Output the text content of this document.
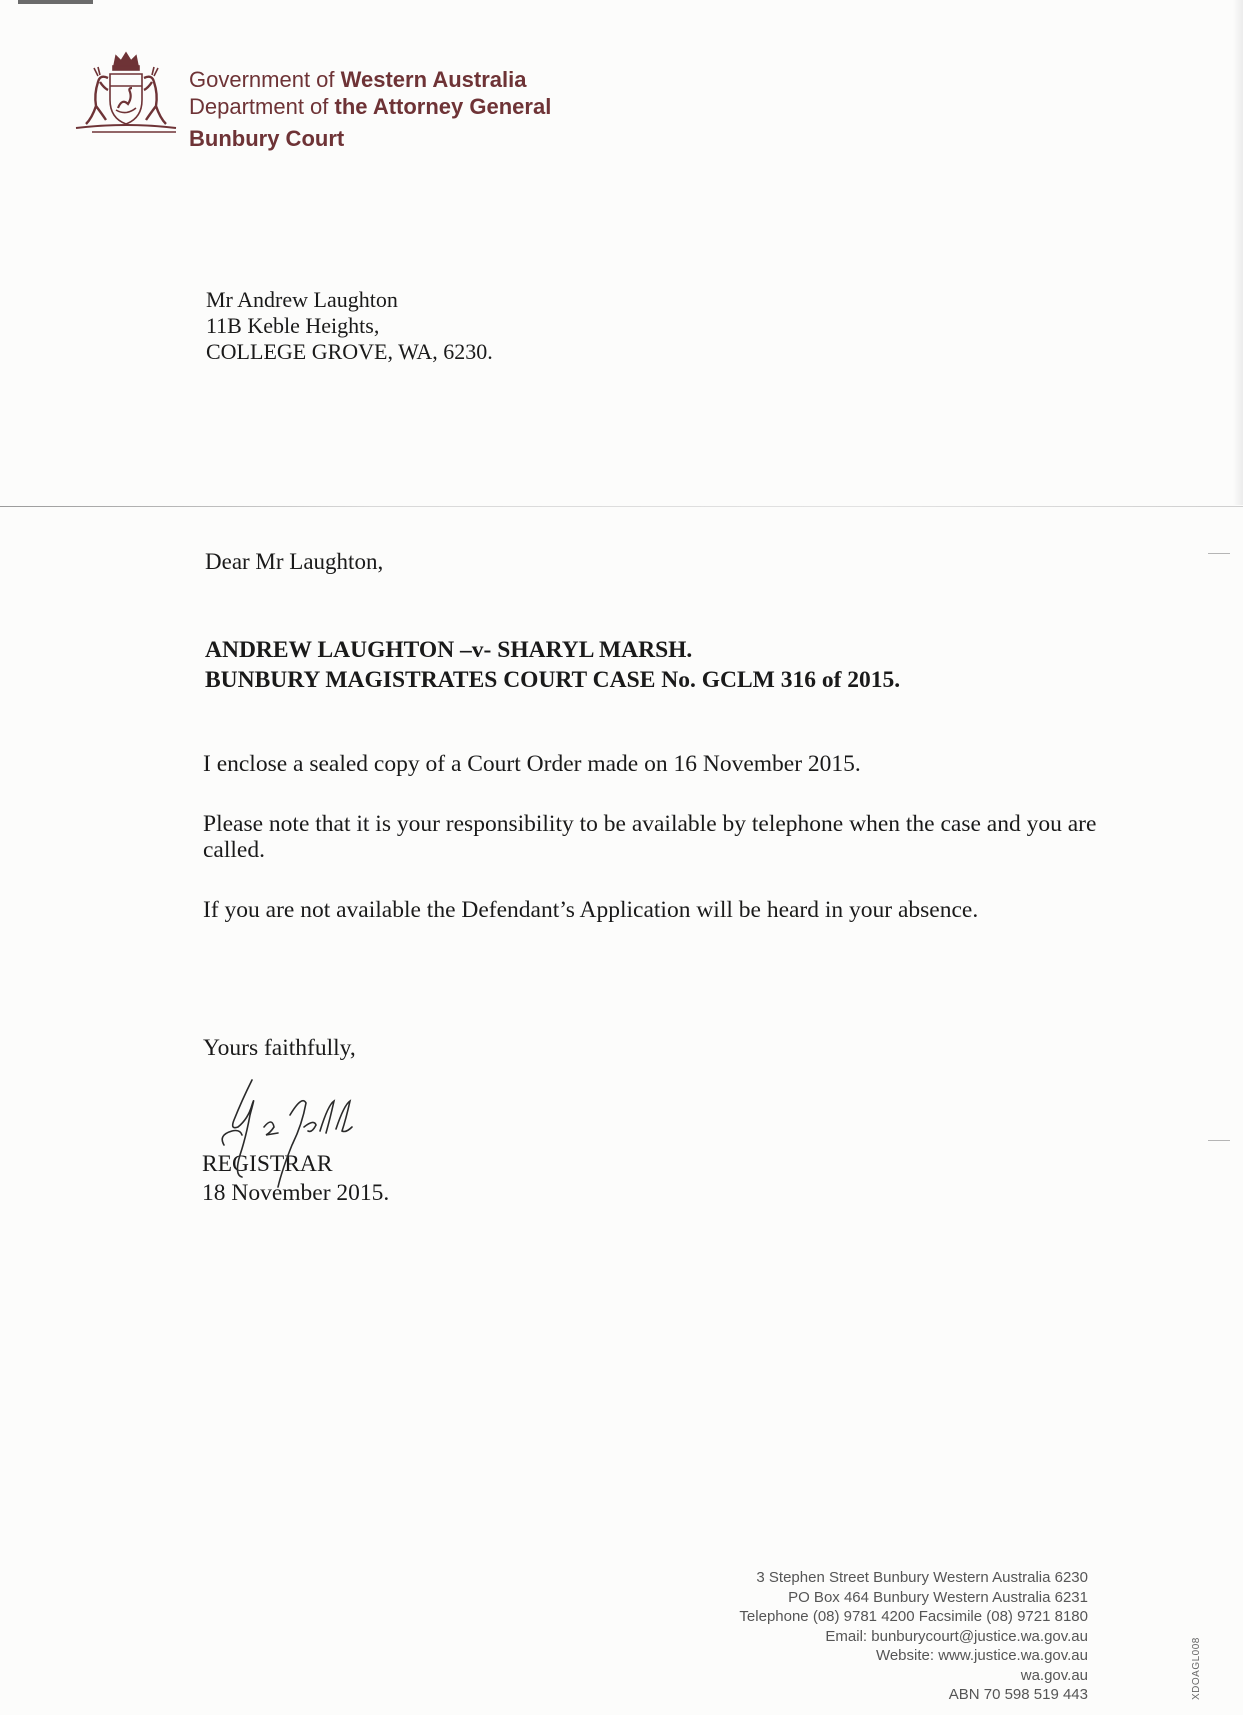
Government of Western Australia
Department of the Attorney General
Bunbury Court
Mr Andrew Laughton
11B Keble Heights,
COLLEGE GROVE, WA, 6230.
Dear Mr Laughton,
ANDREW LAUGHTON –v- SHARYL MARSH.
BUNBURY MAGISTRATES COURT CASE No. GCLM 316 of 2015.
I enclose a sealed copy of a Court Order made on 16 November 2015.
Please note that it is your responsibility to be available by telephone when the case and you are called.
If you are not available the Defendant’s Application will be heard in your absence.
Yours faithfully,
REGISTRAR
18 November 2015.
3 Stephen Street Bunbury Western Australia 6230
PO Box 464 Bunbury Western Australia 6231
Telephone (08) 9781 4200 Facsimile (08) 9721 8180
Email: bunburycourt@justice.wa.gov.au
Website: www.justice.wa.gov.au
wa.gov.au
ABN 70 598 519 443	XDOAGL008
